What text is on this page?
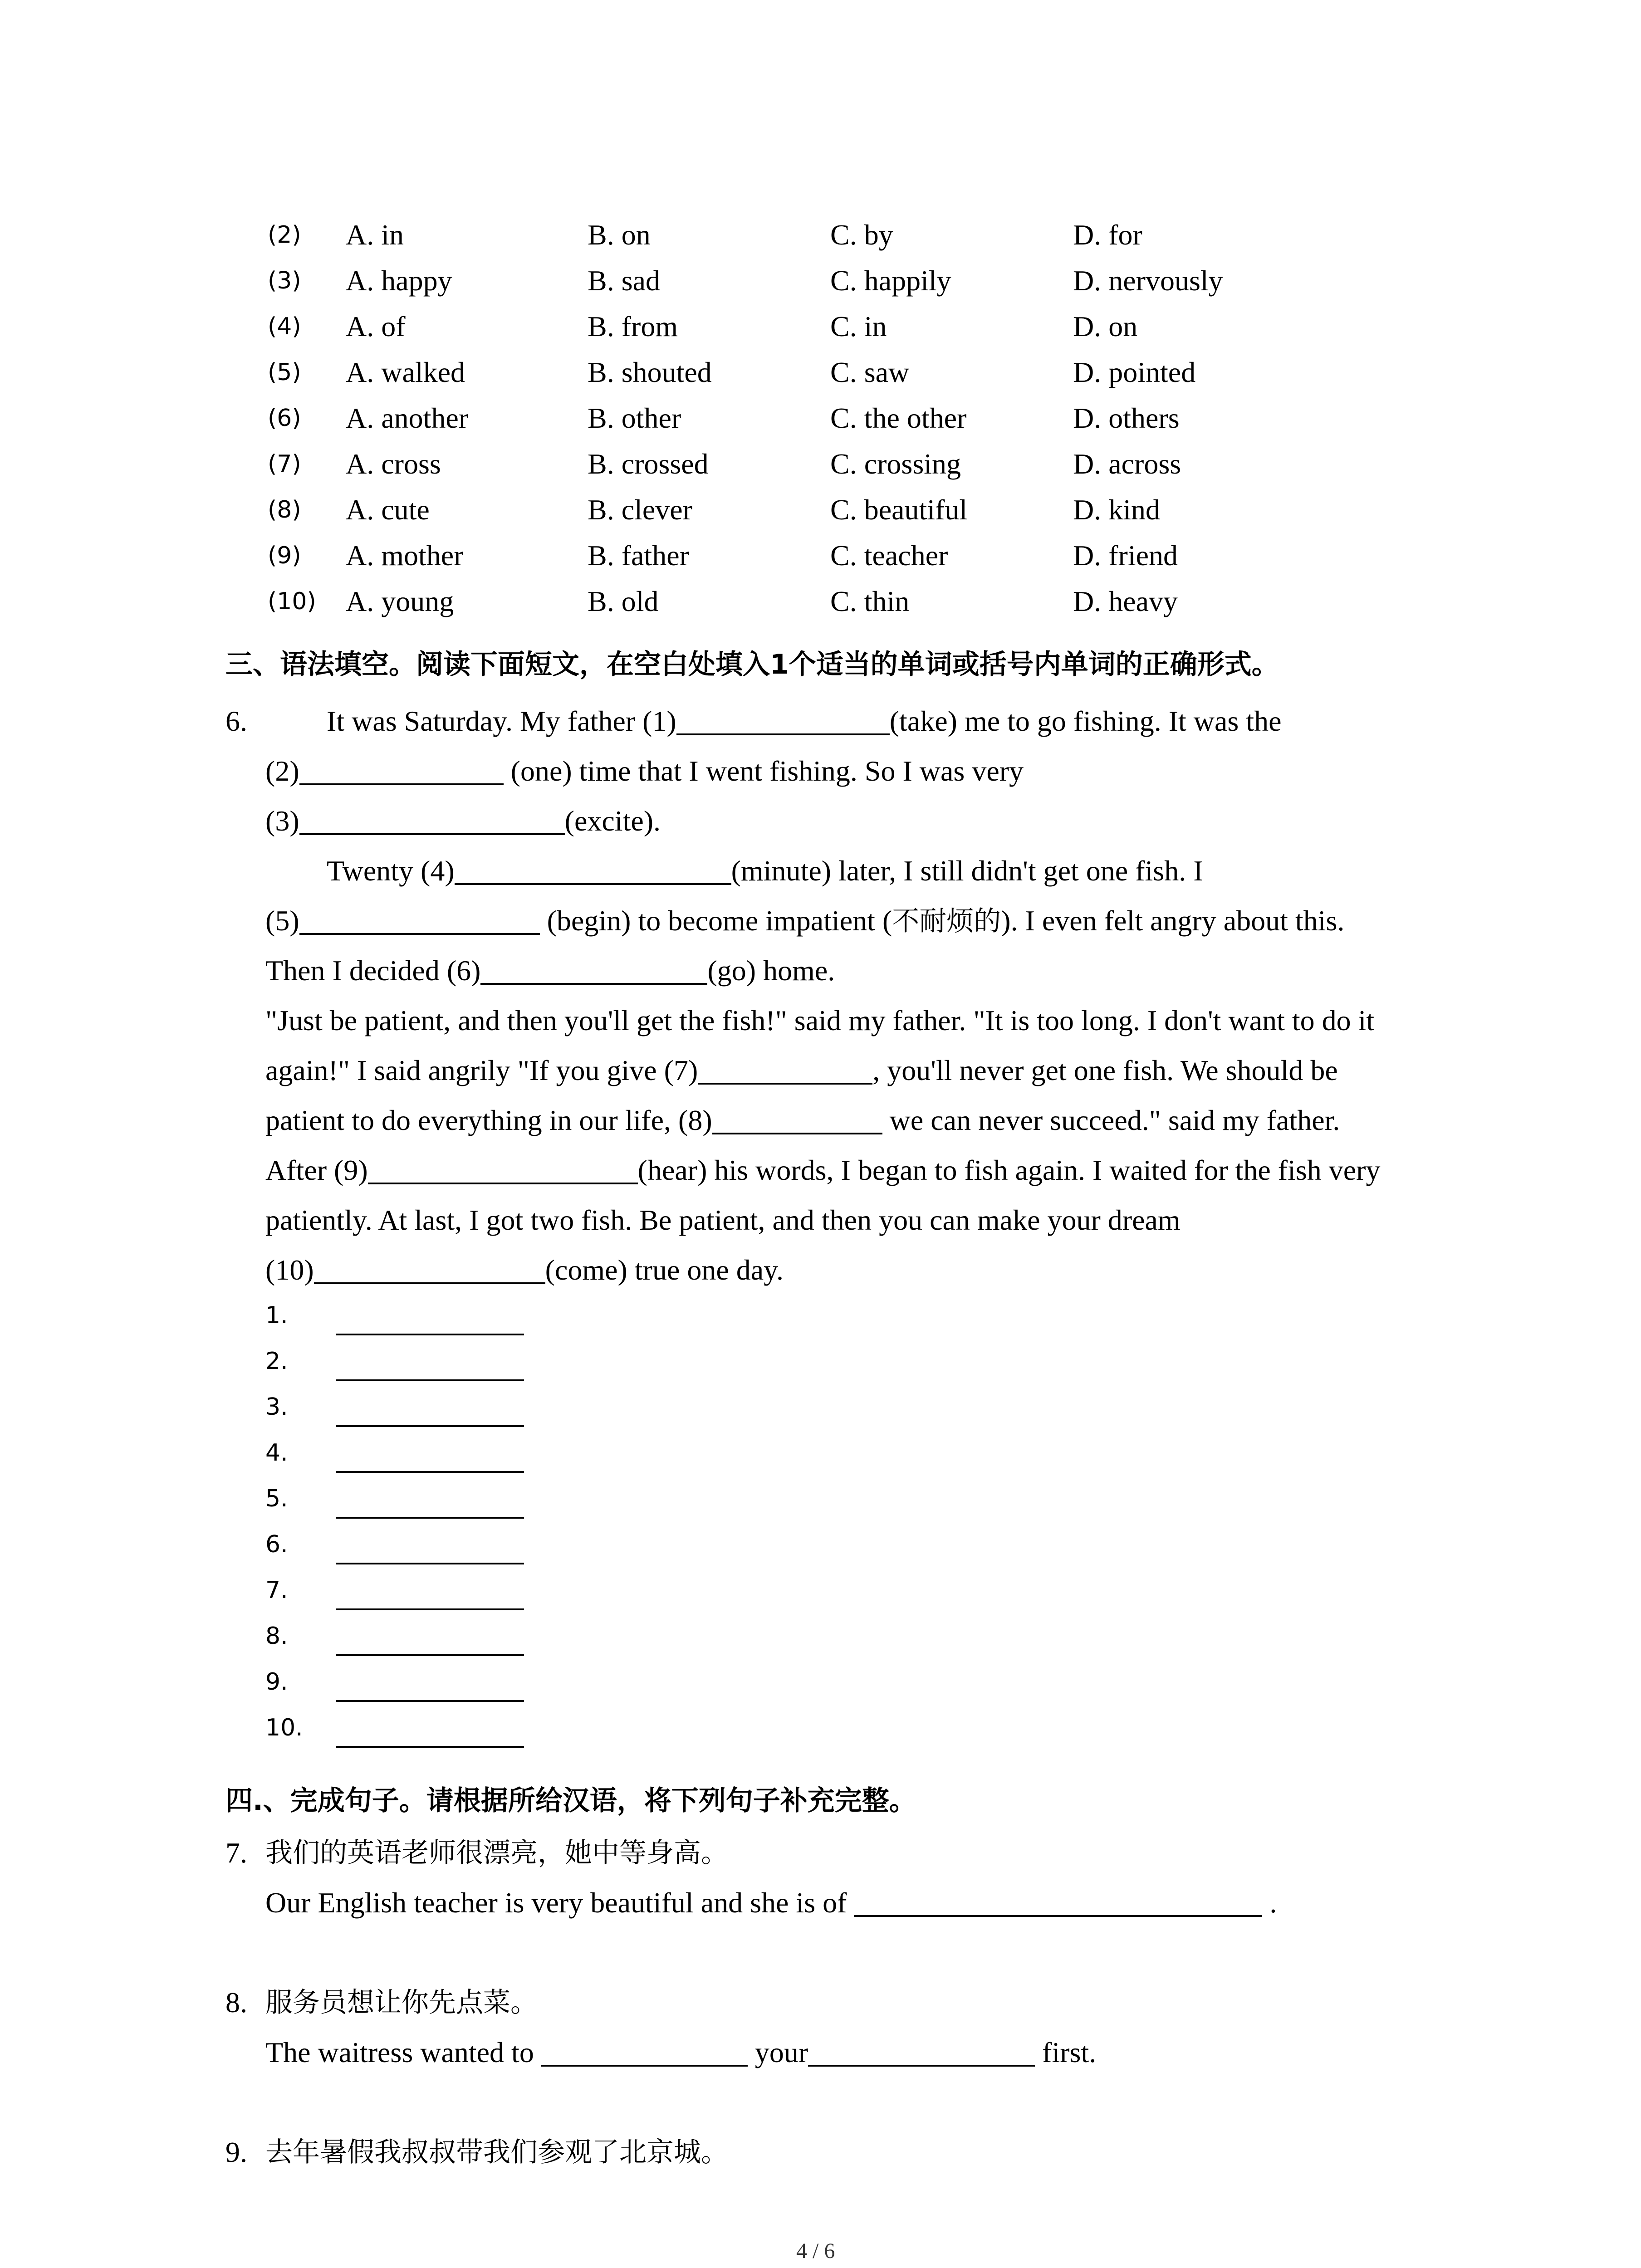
(2) A. in	B. on	C. by	D. for
(3) A. happy	B. sad	C. happily	D. nervously
(4) A. of	B. from	C. in	D. on
(5) A. walked	B. shouted	C. saw	D. pointed
(6) A. another	B. other	C. the other	D. others
(7) A. cross	B. crossed	C. crossing	D. across
(8) A. cute	B. clever	C. beautiful	D. kind
(9) A. mother	B. father	C. teacher	D. friend
(10) A. young	B. old	C. thin	D. heavy
三、语法填空。阅读下面短文，在空白处填入1个适当的单词或括号内单词的正确形式。
6.	It was Saturday. My father (1)	(take) me to go fishing. It was the
(2)	(one) time that I went fishing. So I was very
(3)	(excite).
Twenty (4)	(minute) later, I still didn't get one fish. I
(5)	(begin) to become impatient (不耐烦的). I even felt angry about this.
Then I decided (6)	(go) home.
"Just be patient, and then you'll get the fish!" said my father. "It is too long. I don't want to do it
again!" I said angrily "If you give (7)	, you'll never get one fish. We should be
patient to do everything in our life, (8)	we can never succeed." said my father.
After (9)	(hear) his words, I began to fish again. I waited for the fish very
patiently. At last, I got two fish. Be patient, and then you can make your dream
(10)	(come) true one day.
1.
2.
3.
4.
5.
6.
7.
8.
9.
10.
四.、完成句子。请根据所给汉语，将下列句子补充完整。
7. 我们的英语老师很漂亮，她中等身高。
Our English teacher is very beautiful and she is of	.
8. 服务员想让你先点菜。
The waitress wanted to	your	first.
9. 去年暑假我叔叔带我们参观了北京城。
4 / 6
